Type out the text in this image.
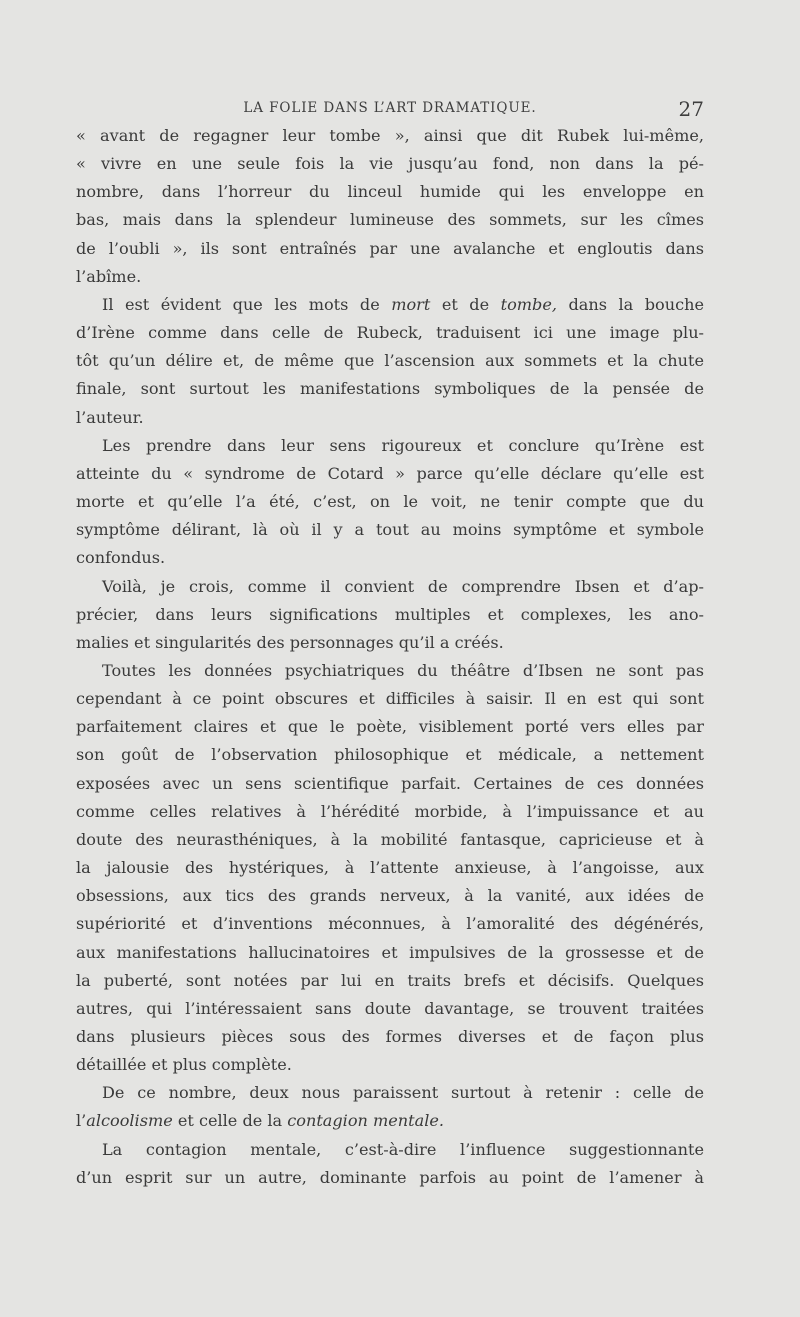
LA FOLIE DANS L’ART DRAMATIQUE.	27

« avant de regagner leur tombe », ainsi que dit Rubek lui-même,
« vivre en une seule fois la vie jusqu’au fond, non dans la pé-
nombre, dans l’horreur du linceul humide qui les enveloppe en
bas, mais dans la splendeur lumineuse des sommets, sur les cîmes
de l’oubli », ils sont entraînés par une avalanche et engloutis dans
l’abîme.

Il est évident que les mots de mort et de tombe, dans la bouche
d’Irène comme dans celle de Rubeck, traduisent ici une image plu-
tôt qu’un délire et, de même que l’ascension aux sommets et la chute
finale, sont surtout les manifestations symboliques de la pensée de
l’auteur.

Les prendre dans leur sens rigoureux et conclure qu’Irène est
atteinte du « syndrome de Cotard » parce qu’elle déclare qu’elle est
morte et qu’elle l’a été, c’est, on le voit, ne tenir compte que du
symptôme délirant, là où il y a tout au moins symptôme et symbole
confondus.

Voilà, je crois, comme il convient de comprendre Ibsen et d’ap-
précier, dans leurs significations multiples et complexes, les ano-
malies et singularités des personnages qu’il a créés.

Toutes les données psychiatriques du théâtre d’Ibsen ne sont pas
cependant à ce point obscures et difficiles à saisir. Il en est qui sont
parfaitement claires et que le poète, visiblement porté vers elles par
son goût de l’observation philosophique et médicale, a nettement
exposées avec un sens scientifique parfait. Certaines de ces données
comme celles relatives à l’hérédité morbide, à l’impuissance et au
doute des neurasthéniques, à la mobilité fantasque, capricieuse et à
la jalousie des hystériques, à l’attente anxieuse, à l’angoisse, aux
obsessions, aux tics des grands nerveux, à la vanité, aux idées de
supériorité et d’inventions méconnues, à l’amoralité des dégénérés,
aux manifestations hallucinatoires et impulsives de la grossesse et de
la puberté, sont notées par lui en traits brefs et décisifs. Quelques
autres, qui l’intéressaient sans doute davantage, se trouvent traitées
dans plusieurs pièces sous des formes diverses et de façon plus
détaillée et plus complète.

De ce nombre, deux nous paraissent surtout à retenir : celle de
l’alcoolisme et celle de la contagion mentale.

La contagion mentale, c’est-à-dire l’influence suggestionnante
d’un esprit sur un autre, dominante parfois au point de l’amener à
